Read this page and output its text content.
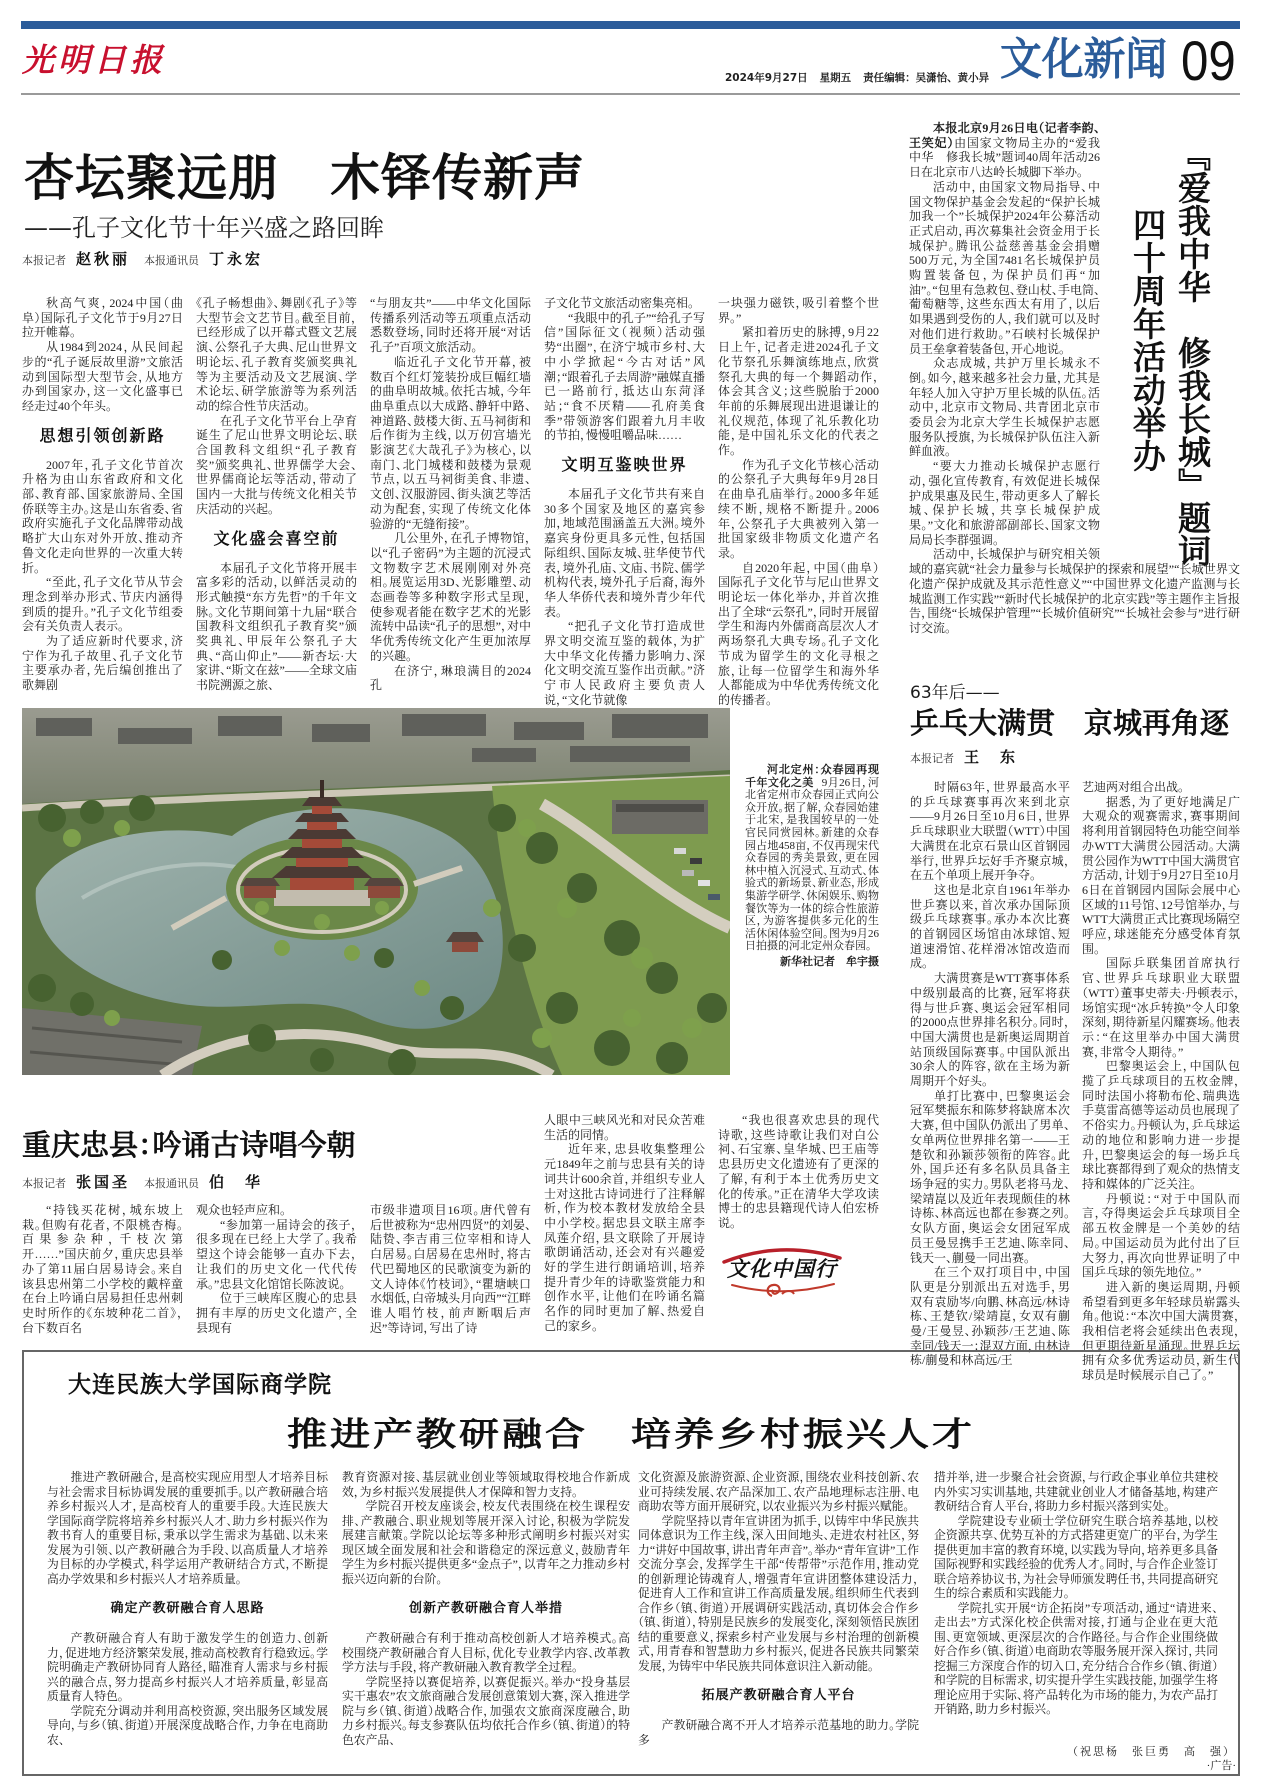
光明日报	2024年9月27日 星期五 责任编辑：吴潇怡、黄小异 文化新闻 09
杏坛聚远朋　木铎传新声
——孔子文化节十年兴盛之路回眸
本报记者 赵秋丽 本报通讯员 丁永宏

秋高气爽，2024中国（曲阜）国际孔子文化节于9月27日拉开帷幕。

从1984到2024，从民间起步的“孔子诞辰故里游”文旅活动到国际型大型节会，从地方办到国家办，这一文化盛事已经走过40个年头。

思想引领创新路

2007年，孔子文化节首次升格为由山东省政府和文化部、教育部、国家旅游局、全国侨联等主办。这是山东省委、省政府实施孔子文化品牌带动战略扩大山东对外开放、推动齐鲁文化走向世界的一次重大转折。

“至此，孔子文化节从节会理念到举办形式、节庆内涵得到质的提升。”孔子文化节组委会有关负责人表示。

为了适应新时代要求，济宁作为孔子故里、孔子文化节主要承办者，先后编创推出了歌舞剧

《孔子畅想曲》、舞剧《孔子》等大型节会文艺节目。截至目前，已经形成了以开幕式暨文艺展演、公祭孔子大典、尼山世界文明论坛、孔子教育奖颁奖典礼等为主要活动及文艺展演、学术论坛、研学旅游等为系列活动的综合性节庆活动。

在孔子文化节平台上孕育诞生了尼山世界文明论坛、联合国教科文组织“孔子教育奖”颁奖典礼、世界儒学大会、世界儒商论坛等活动，带动了国内一大批与传统文化相关节庆活动的兴起。

文化盛会喜空前

本届孔子文化节将开展丰富多彩的活动，以鲜活灵动的形式触摸“东方先哲”的千年文脉。文化节期间第十九届“联合国教科文组织孔子教育奖”颁奖典礼、甲辰年公祭孔子大典、“高山仰止”——新杏坛·大家讲、“斯文在兹”——全球文庙书院溯源之旅、

“与朋友共”——中华文化国际传播系列活动等五项重点活动悉数登场，同时还将开展“对话孔子”百项文旅活动。

临近孔子文化节开幕，被数百个红灯笼装扮成巨幅红墙的曲阜明故城。依托古城，今年曲阜重点以大成路、静轩中路、神道路、鼓楼大街、五马祠街和后作街为主线，以万仞宫墙光影演艺《大哉孔子》为核心，以南门、北门城楼和鼓楼为景观节点，以五马祠街美食、非遗、文创、汉服游园、街头演艺等活动为配套，实现了传统文化体验游的“无缝衔接”。

几公里外，在孔子博物馆，以“孔子密码”为主题的沉浸式文物数字艺术展刚刚对外亮相。展览运用3D、光影雕塑、动态画卷等多种数字形式呈现，使参观者能在数字艺术的光影流转中品读“孔子的思想”，对中华优秀传统文化产生更加浓厚的兴趣。

在济宁，琳琅满目的2024孔

子文化节文旅活动密集亮相。

“我眼中的孔子”“给孔子写信”国际征文（视频）活动强势“出圈”，在济宁城市乡村、大中小学掀起“今古对话”风潮；“跟着孔子去周游”融媒直播已一路前行，抵达山东菏泽站；“食不厌精——孔府美食季”带领游客们跟着九月丰收的节拍，慢慢咀嚼品味……

文明互鉴映世界

本届孔子文化节共有来自30多个国家及地区的嘉宾参加，地域范围涵盖五大洲。境外嘉宾身份更具多元性，包括国际组织、国际友城、驻华使节代表，境外孔庙、文庙、书院、儒学机构代表，境外孔子后裔，海外华人华侨代表和境外青少年代表。

“把孔子文化节打造成世界文明交流互鉴的载体，为扩大中华文化传播力影响力、深化文明交流互鉴作出贡献。”济宁市人民政府主要负责人说，“文化节就像

一块强力磁铁，吸引着整个世界。”

紧扣着历史的脉搏，9月22日上午，记者走进2024孔子文化节祭孔乐舞演练地点，欣赏祭孔大典的每一个舞蹈动作，体会其含义；这些脱胎于2000年前的乐舞展现出进退谦让的礼仪规范，体现了礼乐教化功能，是中国礼乐文化的代表之作。

作为孔子文化节核心活动的公祭孔子大典每年9月28日在曲阜孔庙举行。2000多年延续不断，规格不断提升。2006年，公祭孔子大典被列入第一批国家级非物质文化遗产名录。

自2020年起，中国（曲阜）国际孔子文化节与尼山世界文明论坛一体化举办，并首次推出了全球“云祭孔”，同时开展留学生和海内外儒商高层次人才两场祭孔大典专场。孔子文化节成为留学生的文化寻根之旅，让每一位留学生和海外华人都能成为中华优秀传统文化的传播者。

『爱我中华　修我长城』题词
四十周年活动举办

本报北京9月26日电（记者李韵、王笑妃）由国家文物局主办的“爱我中华　修我长城”题词40周年活动26日在北京市八达岭长城脚下举办。

活动中，由国家文物局指导、中国文物保护基金会发起的“保护长城　加我一个”长城保护2024年公募活动正式启动，再次募集社会资金用于长城保护。腾讯公益慈善基金会捐赠500万元，为全国7481名长城保护员购置装备包，为保护员们再“加油”。“包里有急救包、登山杖、手电筒、葡萄糖等，这些东西太有用了，以后如果遇到受伤的人，我们就可以及时对他们进行救助。”石峡村长城保护员王垒拿着装备包，开心地说。

众志成城，共护万里长城永不倒。如今，越来越多社会力量，尤其是年轻人加入守护万里长城的队伍。活动中，北京市文物局、共青团北京市委员会为北京大学生长城保护志愿服务队授旗，为长城保护队伍注入新鲜血液。

“要大力推动长城保护志愿行动，强化宣传教育，有效促进长城保护成果惠及民生，带动更多人了解长城、保护长城，共享长城保护成果。”文化和旅游部副部长、国家文物局局长李群强调。

活动中，长城保护与研究相关领域的嘉宾就“社会力量参与长城保护的探索和展望”“长城世界文化遗产保护成就及其示范性意义”“中国世界文化遗产监测与长城监测工作实践”“新时代长城保护的北京实践”等主题作主旨报告，围绕“长城保护管理”“长城价值研究”“长城社会参与”进行研讨交流。

河北定州：众春园再现千年文化之美 9月26日，河北省定州市众春园正式向公众开放。据了解，众春园始建于北宋，是我国较早的一处官民同赏园林。新建的众春园占地458亩，不仅再现宋代众春园的秀美景致，更在园林中植入沉浸式、互动式、体验式的新场景、新业态，形成集游学研学、休闲娱乐、购物餐饮等为一体的综合性旅游区，为游客提供多元化的生活休闲体验空间。图为9月26日拍摄的河北定州众春园。

新华社记者　牟宇摄
63年后——
乒乓大满贯　京城再角逐
本报记者 王　东

时隔63年，世界最高水平的乒乓球赛事再次来到北京——9月26日至10月6日，世界乒乓球职业大联盟（WTT）中国大满贯在北京石景山区首钢园举行，世界乒坛好手齐聚京城，在五个单项上展开争夺。

这也是北京自1961年举办世乒赛以来，首次承办国际顶级乒乓球赛事。承办本次比赛的首钢园区场馆由冰球馆、短道速滑馆、花样滑冰馆改造而成。

大满贯赛是WTT赛事体系中级别最高的比赛，冠军将获得与世乒赛、奥运会冠军相同的2000点世界排名积分。同时，中国大满贯也是新奥运周期首站顶级国际赛事。中国队派出30余人的阵容，欲在主场为新周期开个好头。

单打比赛中，巴黎奥运会冠军樊振东和陈梦将缺席本次大赛，但中国队仍派出了男单、女单两位世界排名第一——王楚钦和孙颖莎领衔的阵容。此外，国乒还有多名队员具备主场争冠的实力。男队老将马龙、梁靖崑以及近年表现颇佳的林诗栋、林高远也都在参赛之列。女队方面，奥运会女团冠军成员王曼昱携手王艺迪、陈幸同、钱天一、蒯曼一同出赛。

在三个双打项目中，中国队更是分别派出五对选手，男双有袁励岑/向鹏、林高远/林诗栋、王楚钦/梁靖崑，女双有蒯曼/王曼昱、孙颖莎/王艺迪、陈幸同/钱天一；混双方面，由林诗栋/蒯曼和林高远/王

艺迪两对组合出战。

据悉，为了更好地满足广大观众的观赛需求，赛事期间将利用首钢园特色功能空间举办WTT大满贯公园活动。大满贯公园作为WTT中国大满贯官方活动，计划于9月27日至10月6日在首钢园内国际会展中心区域的11号馆、12号馆举办，与WTT大满贯正式比赛现场隔空呼应，球迷能充分感受体育氛围。

国际乒联集团首席执行官、世界乒乓球职业大联盟（WTT）董事史蒂夫·丹顿表示，场馆实现“冰乒转换”令人印象深刻，期待新星闪耀赛场。他表示：“在这里举办中国大满贯赛，非常令人期待。”

巴黎奥运会上，中国队包揽了乒乓球项目的五枚金牌，同时法国小将勒布伦、瑞典选手莫雷高德等运动员也展现了不俗实力。丹顿认为，乒乓球运动的地位和影响力进一步提升，巴黎奥运会的每一场乒乓球比赛都得到了观众的热情支持和媒体的广泛关注。

丹顿说：“对于中国队而言，夺得奥运会乒乓球项目全部五枚金牌是一个美妙的结局。中国运动员为此付出了巨大努力，再次向世界证明了中国乒乓球的领先地位。”

进入新的奥运周期，丹顿希望看到更多年轻球员崭露头角。他说：“本次中国大满贯赛，我相信老将会延续出色表现，但更期待新星涌现。世界乒坛拥有众多优秀运动员，新生代球员是时候展示自己了。”

重庆忠县：吟诵古诗唱今朝
本报记者 张国圣 本报通讯员 伯　华

“持钱买花树，城东坡上栽。但购有花者，不限桃杏梅。百果参杂种，千枝次第开……”国庆前夕，重庆忠县举办了第11届白居易诗会。来自该县忠州第二小学校的戴梓童在台上吟诵白居易担任忠州刺史时所作的《东坡种花二首》，台下数百名

观众也轻声应和。

“参加第一届诗会的孩子，很多现在已经上大学了。我希望这个诗会能够一直办下去，让我们的历史文化一代代传承。”忠县文化馆馆长陈波说。

位于三峡库区腹心的忠县拥有丰厚的历史文化遗产，全县现有

市级非遗项目16项。唐代曾有后世被称为“忠州四贤”的刘晏、陆贽、李吉甫三位宰相和诗人白居易。白居易在忠州时，将古代巴蜀地区的民歌演变为新的文人诗体《竹枝词》，“瞿塘峡口水烟低，白帝城头月向西”“江畔谁人唱竹枝，前声断咽后声迟”等诗词，写出了诗

人眼中三峡风光和对民众苦难生活的同情。

近年来，忠县收集整理公元1849年之前与忠县有关的诗词共计600余首，并组织专业人士对这批古诗词进行了注释解析，作为校本教材发放给全县中小学校。据忠县文联主席李凤莲介绍，县文联除了开展诗歌朗诵活动，还会对有兴趣爱好的学生进行朗诵培训，培养提升青少年的诗歌鉴赏能力和创作水平，让他们在吟诵名篇名作的同时更加了解、热爱自己的家乡。

“我也很喜欢忠县的现代诗歌，这些诗歌让我们对白公祠、石宝寨、皇华城、巴王庙等忠县历史文化遗迹有了更深的了解，有利于本土优秀历史文化的传承。”正在清华大学攻读博士的忠县籍现代诗人伯宏桥说。

文化中国行
大连民族大学国际商学院
推进产教研融合　培养乡村振兴人才

推进产教研融合，是高校实现应用型人才培养目标与社会需求目标协调发展的重要抓手。以产教研融合培养乡村振兴人才，是高校育人的重要手段。大连民族大学国际商学院将培养乡村振兴人才、助力乡村振兴作为教书育人的重要目标，秉承以学生需求为基础、以未来发展为引领、以产教研融合为手段、以高质量人才培养为目标的办学模式，科学运用产教研结合方式，不断提高办学效果和乡村振兴人才培养质量。

确定产教研融合育人思路

产教研融合育人有助于激发学生的创造力、创新力，促进地方经济繁荣发展，推动高校教育行稳致远。学院明确走产教研协同育人路径，瞄准育人需求与乡村振兴的融合点，努力提高乡村振兴人才培养质量，彰显高质量育人特色。

学院充分调动并利用高校资源，突出服务区域发展导向，与乡（镇、街道）开展深度战略合作，力争在电商助农、

教育资源对接、基层就业创业等领域取得校地合作新成效，为乡村振兴发展提供人才保障和智力支持。

学院召开校友座谈会，校友代表围绕在校生课程安排、产教融合、职业规划等展开深入讨论，积极为学院发展建言献策。学院以论坛等多种形式阐明乡村振兴对实现区域全面发展和社会和谐稳定的深远意义，鼓励青年学生为乡村振兴提供更多“金点子”，以青年之力推动乡村振兴迈向新的台阶。

创新产教研融合育人举措

产教研融合有利于推动高校创新人才培养模式。高校围绕产教研融合育人目标，优化专业教学内容、改革教学方法与手段，将产教研融入教育教学全过程。

学院坚持以赛促培养，以赛促振兴。举办“投身基层　实干惠农”农文旅商融合发展创意策划大赛，深入推进学院与乡（镇、街道）战略合作，加强农文旅商深度融合，助力乡村振兴。每支参赛队伍均依托合作乡（镇、街道）的特色农产品、

文化资源及旅游资源、企业资源，围绕农业科技创新、农业可持续发展、农产品深加工、农产品地理标志注册、电商助农等方面开展研究，以农业振兴为乡村振兴赋能。

学院坚持以青年宣讲团为抓手，以铸牢中华民族共同体意识为工作主线，深入田间地头、走进农村社区，努力“讲好中国故事，讲出青年声音”。举办“青年宣讲”工作交流分享会，发挥学生干部“传帮带”示范作用，推动党的创新理论铸魂育人，增强青年宣讲团整体建设活力，促进育人工作和宣讲工作高质量发展。组织师生代表到合作乡（镇、街道）开展调研实践活动，真切体会合作乡（镇、街道），特别是民族乡的发展变化，深刻领悟民族团结的重要意义，探索乡村产业发展与乡村治理的创新模式，用青春和智慧助力乡村振兴，促进各民族共同繁荣发展，为铸牢中华民族共同体意识注入新动能。

拓展产教研融合育人平台

产教研融合离不开人才培养示范基地的助力。学院多

措并举，进一步聚合社会资源，与行政企事业单位共建校内外实习实训基地，共建就业创业人才储备基地，构建产教研结合育人平台，将助力乡村振兴落到实处。

学院建设专业硕士学位研究生联合培养基地，以校企资源共享、优势互补的方式搭建更宽广的平台，为学生提供更加丰富的教育环境，以实践为导向，培养更多具备国际视野和实践经验的优秀人才。同时，与合作企业签订联合培养协议书，为社会导师颁发聘任书，共同提高研究生的综合素质和实践能力。

学院扎实开展“访企拓岗”专项活动，通过“请进来、走出去”方式深化校企供需对接，打通与企业在更大范围、更宽领域、更深层次的合作路径。与合作企业围绕做好合作乡（镇、街道）电商助农等服务展开深入探讨，共同挖掘三方深度合作的切入口，充分结合合作乡（镇、街道）和学院的目标需求，切实提升学生实践技能，加强学生将理论应用于实际、将产品转化为市场的能力，为农产品打开销路，助力乡村振兴。

（祝思杨　张巨勇　高　强）
·广告·
